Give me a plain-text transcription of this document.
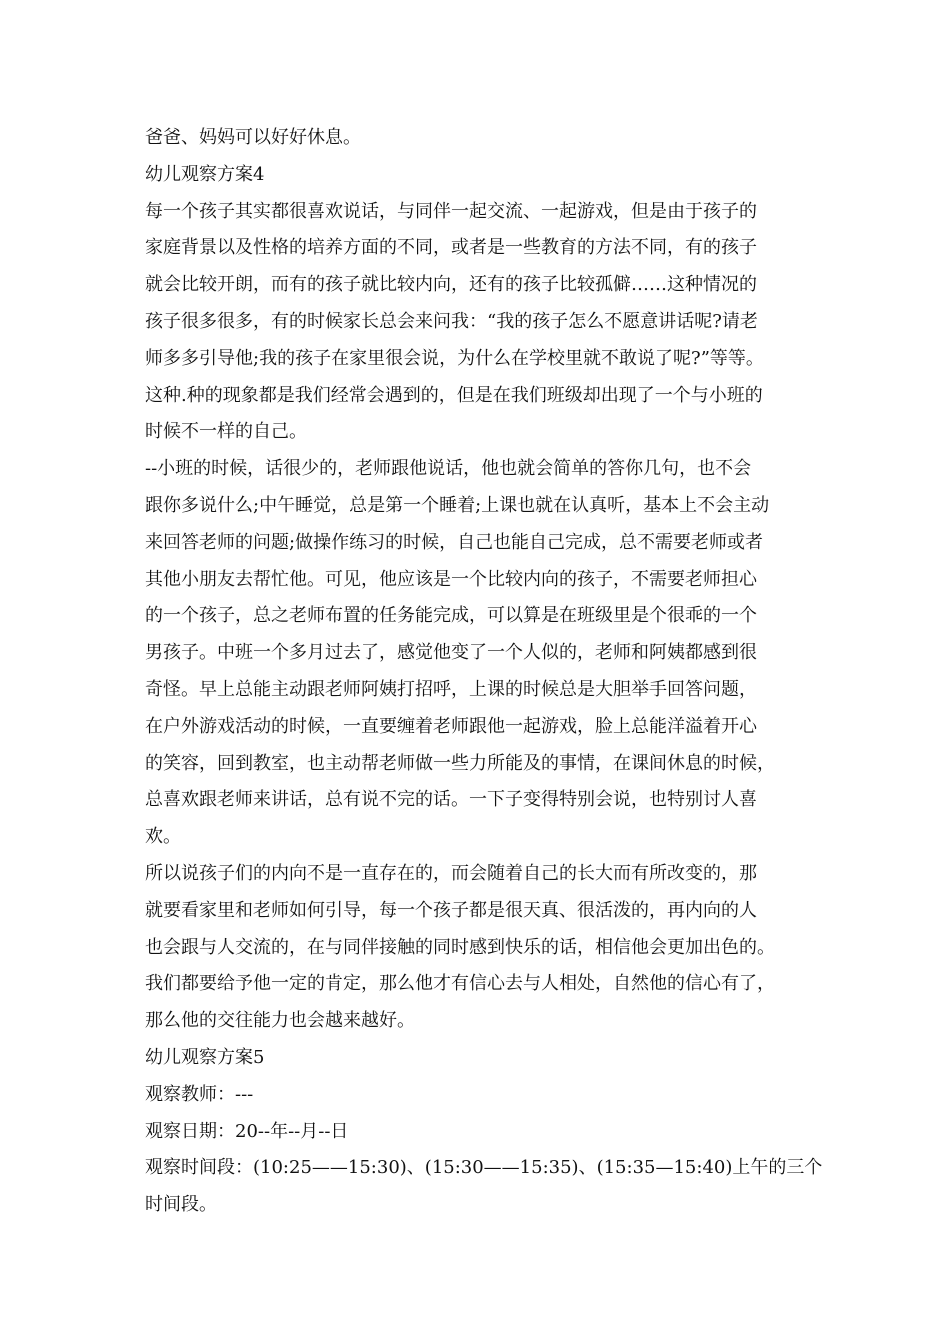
爸爸、妈妈可以好好休息。
幼儿观察方案4
每一个孩子其实都很喜欢说话，与同伴一起交流、一起游戏，但是由于孩子的
家庭背景以及性格的培养方面的不同，或者是一些教育的方法不同，有的孩子
就会比较开朗，而有的孩子就比较内向，还有的孩子比较孤僻……这种情况的
孩子很多很多，有的时候家长总会来问我：“我的孩子怎么不愿意讲话呢?请老
师多多引导他;我的孩子在家里很会说，为什么在学校里就不敢说了呢?”等等。
这种.种的现象都是我们经常会遇到的，但是在我们班级却出现了一个与小班的
时候不一样的自己。
--小班的时候，话很少的，老师跟他说话，他也就会简单的答你几句，也不会
跟你多说什么;中午睡觉，总是第一个睡着;上课也就在认真听，基本上不会主动
来回答老师的问题;做操作练习的时候，自己也能自己完成，总不需要老师或者
其他小朋友去帮忙他。可见，他应该是一个比较内向的孩子，不需要老师担心
的一个孩子，总之老师布置的任务能完成，可以算是在班级里是个很乖的一个
男孩子。中班一个多月过去了，感觉他变了一个人似的，老师和阿姨都感到很
奇怪。早上总能主动跟老师阿姨打招呼，上课的时候总是大胆举手回答问题，
在户外游戏活动的时候，一直要缠着老师跟他一起游戏，脸上总能洋溢着开心
的笑容，回到教室，也主动帮老师做一些力所能及的事情，在课间休息的时候，
总喜欢跟老师来讲话，总有说不完的话。一下子变得特别会说，也特别讨人喜
欢。
所以说孩子们的内向不是一直存在的，而会随着自己的长大而有所改变的，那
就要看家里和老师如何引导，每一个孩子都是很天真、很活泼的，再内向的人
也会跟与人交流的，在与同伴接触的同时感到快乐的话，相信他会更加出色的。
我们都要给予他一定的肯定，那么他才有信心去与人相处，自然他的信心有了，
那么他的交往能力也会越来越好。
幼儿观察方案5
观察教师：---
观察日期：20--年--月--日
观察时间段：(10:25——15:30)、(15:30——15:35)、(15:35—15:40)上午的三个
时间段。
